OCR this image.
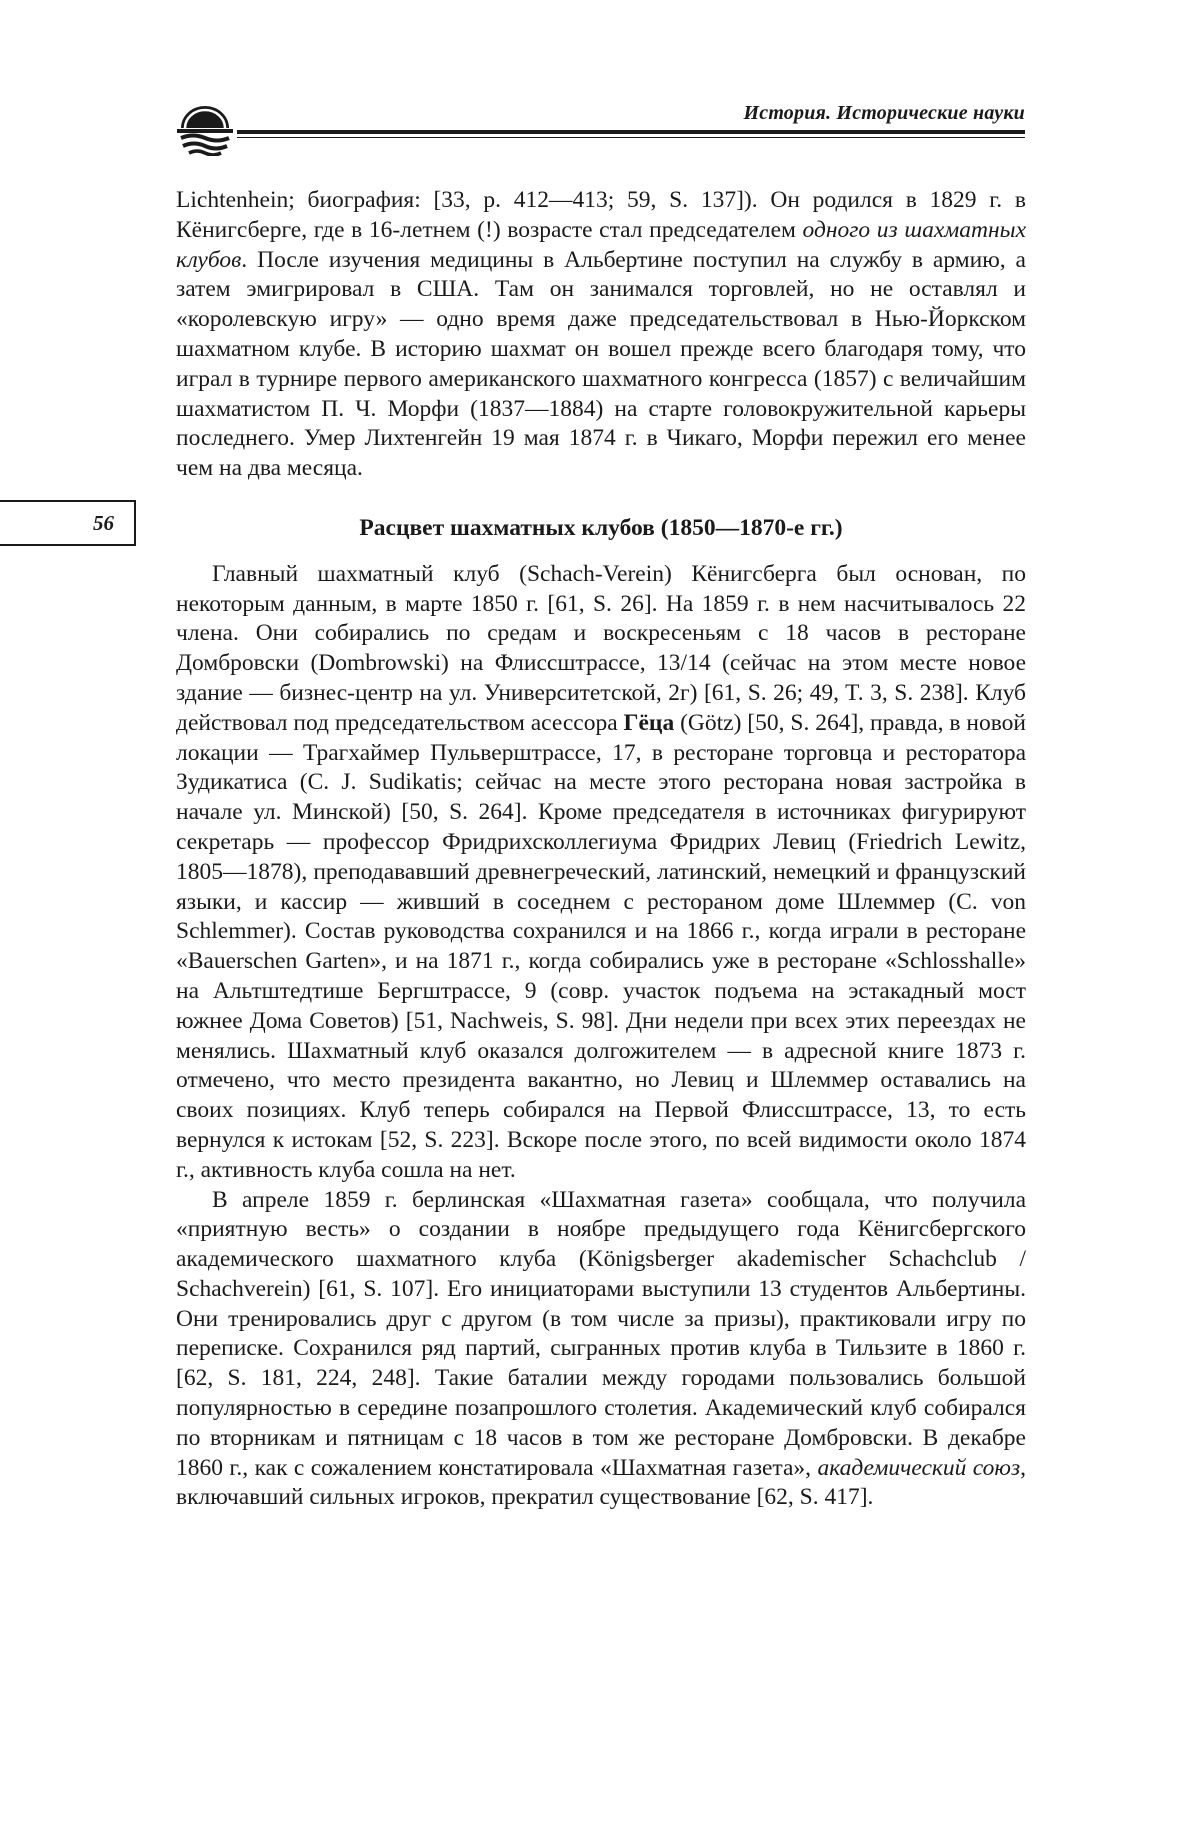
История. Исторические науки
56

Lichtenhein; биография: [33, p. 412—413; 59, S. 137]). Он родился в 1829 г. в Кёнигсберге, где в 16-летнем (!) возрасте стал председателем одного из шахматных клубов. После изучения медицины в Альбертине поступил на службу в армию, а затем эмигрировал в США. Там он занимался торговлей, но не оставлял и «королевскую игру» — одно время даже председательствовал в Нью-Йоркском шахматном клубе. В историю шахмат он вошел прежде всего благодаря тому, что играл в турнире первого американского шахматного конгресса (1857) с величайшим шахматистом П. Ч. Морфи (1837—1884) на старте головокружительной карьеры последнего. Умер Лихтенгейн 19 мая 1874 г. в Чикаго, Морфи пережил его менее чем на два месяца.

Расцвет шахматных клубов (1850—1870-е гг.)

Главный шахматный клуб (Schach-Verein) Кёнигсберга был основан, по некоторым данным, в марте 1850 г. [61, S. 26]. На 1859 г. в нем насчитывалось 22 члена. Они собирались по средам и воскресеньям с 18 часов в ресторане Домбровски (Dombrowski) на Флиссштрассе, 13/14 (сейчас на этом месте новое здание — бизнес-центр на ул. Университетской, 2г) [61, S. 26; 49, T. 3, S. 238]. Клуб действовал под председательством асессора Гёца (Götz) [50, S. 264], правда, в новой локации — Трагхаймер Пульверштрассе, 17, в ресторане торговца и ресторатора Зудикатиса (C. J. Sudikatis; сейчас на месте этого ресторана новая застройка в начале ул. Минской) [50, S. 264]. Кроме председателя в источниках фигурируют секретарь — профессор Фридрихсколлегиума Фридрих Левиц (Friedrich Lewitz, 1805—1878), преподававший древнегреческий, латинский, немецкий и французский языки, и кассир — живший в соседнем с рестораном доме Шлеммер (C. von Schlemmer). Состав руководства сохранился и на 1866 г., когда играли в ресторане «Bauerschen Garten», и на 1871 г., когда собирались уже в ресторане «Schlosshalle» на Альтштедтише Бергштрассе, 9 (совр. участок подъема на эстакадный мост южнее Дома Советов) [51, Nachweis, S. 98]. Дни недели при всех этих переездах не менялись. Шахматный клуб оказался долгожителем — в адресной книге 1873 г. отмечено, что место президента вакантно, но Левиц и Шлеммер оставались на своих позициях. Клуб теперь собирался на Первой Флиссштрассе, 13, то есть вернулся к истокам [52, S. 223]. Вскоре после этого, по всей видимости около 1874 г., активность клуба сошла на нет.

В апреле 1859 г. берлинская «Шахматная газета» сообщала, что получила «приятную весть» о создании в ноябре предыдущего года Кёнигсбергского академического шахматного клуба (Königsberger akademischer Schachclub / Schachverein) [61, S. 107]. Его инициаторами выступили 13 студентов Альбертины. Они тренировались друг с другом (в том числе за призы), практиковали игру по переписке. Сохранился ряд партий, сыгранных против клуба в Тильзите в 1860 г. [62, S. 181, 224, 248]. Такие баталии между городами пользовались большой популярностью в середине позапрошлого столетия. Академический клуб собирался по вторникам и пятницам с 18 часов в том же ресторане Домбровски. В декабре 1860 г., как с сожалением констатировала «Шахматная газета», академический союз, включавший сильных игроков, прекратил существование [62, S. 417].
